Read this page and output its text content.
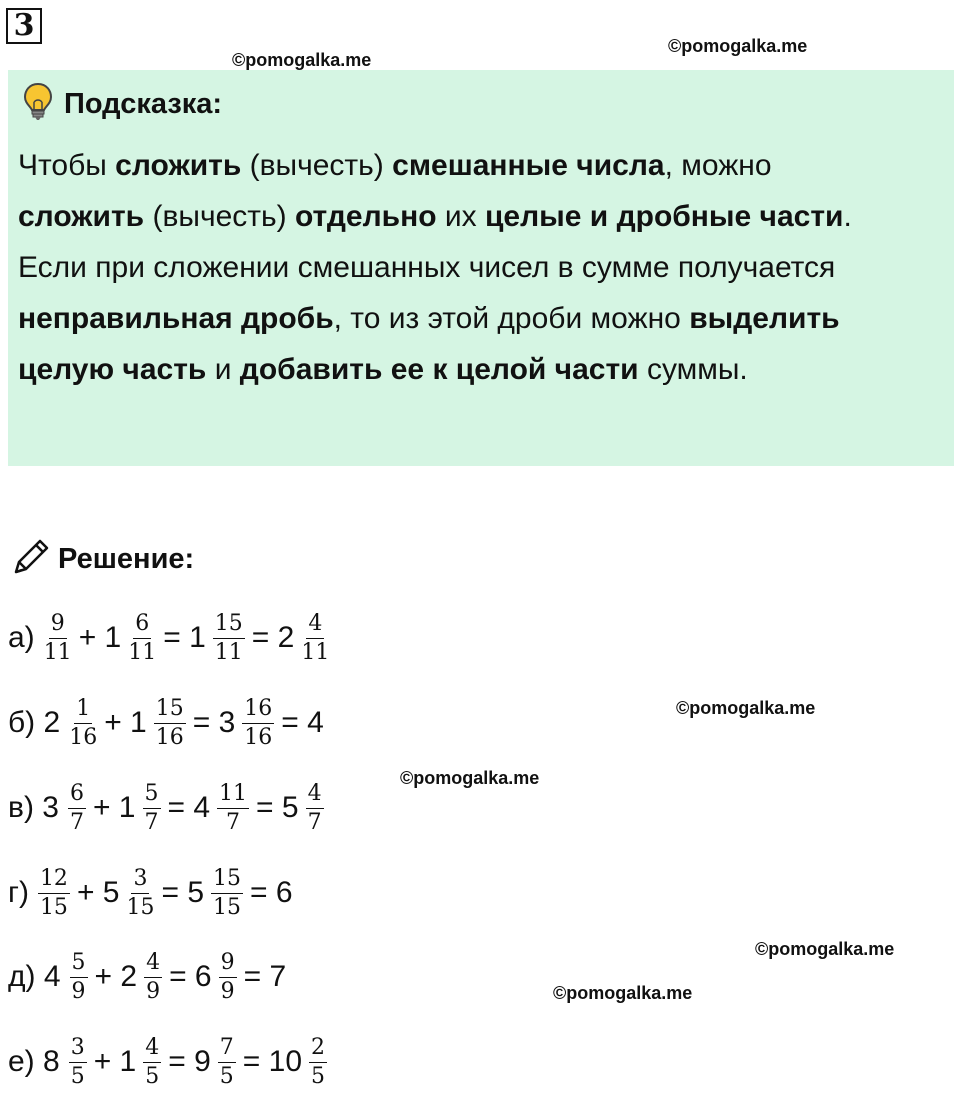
3
©pomogalka.me
©pomogalka.me
©pomogalka.me
©pomogalka.me
©pomogalka.me
©pomogalka.me
Подсказка:
Чтобы сложить (вычесть) смешанные числа, можно
сложить (вычесть) отдельно их целые и дробные части.
Если при сложении смешанных чисел в сумме получается
неправильная дробь, то из этой дроби можно выделить
целую часть и добавить ее к целой части суммы.
Решение:
$а) \frac{9}{11} + 1 \frac{6}{11} = 1 \frac{15}{11} = 2 \frac{4}{11}$
б) $2 \frac{1}{16} + 1 \frac{15}{16} = 3 \frac{16}{16} = 4$
в) $3 \frac{6}{7} + 1 \frac{5}{7} = 4 \frac{11}{7} = 5 \frac{4}{7}$
$г) \frac{12}{15} + 5 \frac{3}{15} = 5 \frac{15}{15} = 6$
д) $4 \frac{5}{9} + 2 \frac{4}{9} = 6 \frac{9}{9} = 7$
е) $8 \frac{3}{5} + 1 \frac{4}{5} = 9 \frac{7}{5} = 10 \frac{2}{5}$
